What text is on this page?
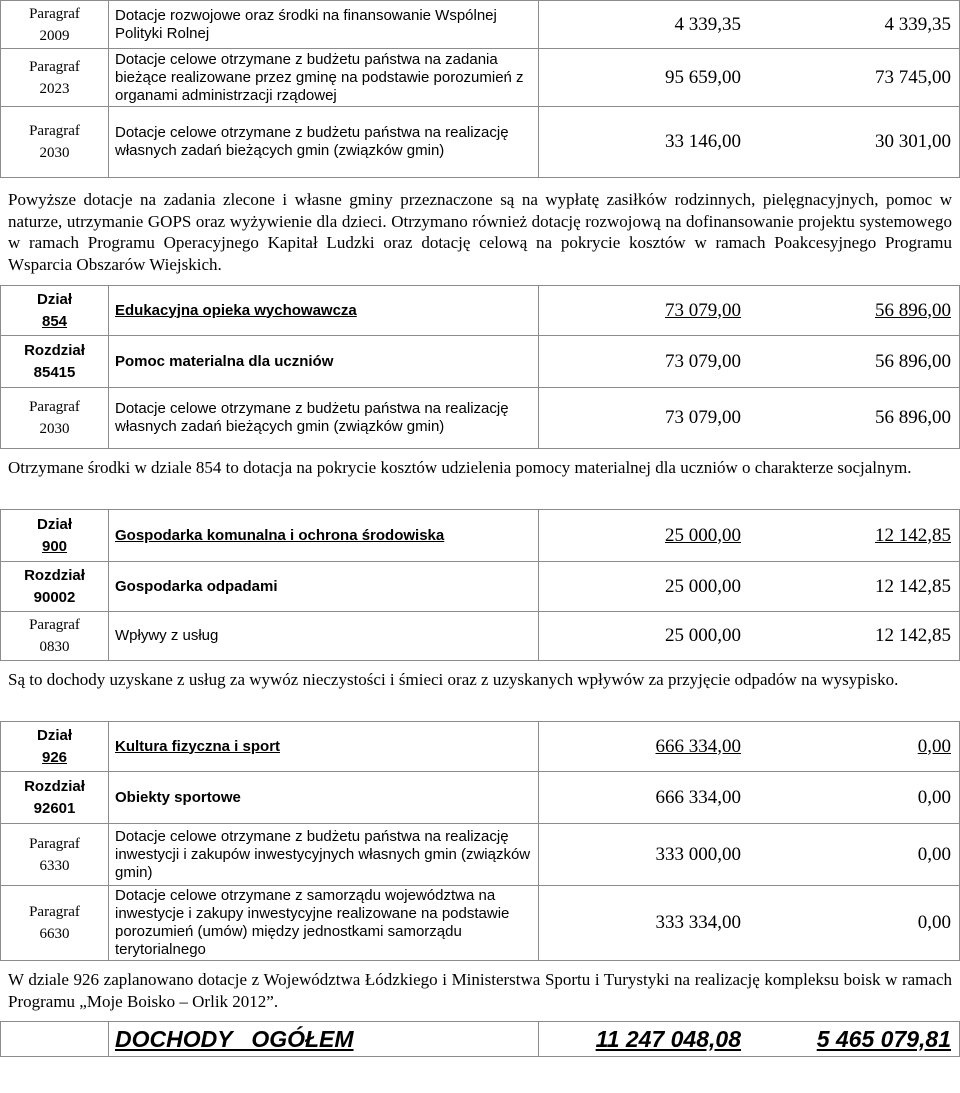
Paragraf
2009
Dotacje rozwojowe oraz środki na finansowanie Wspólnej Polityki Rolnej	4 339,35	4 339,35
Paragraf
2023
Dotacje celowe otrzymane z budżetu państwa na zadania bieżące realizowane przez gminę na podstawie porozumień z organami administrzacji rządowej
95 659,00	73 745,00
Paragraf
2030
Dotacje celowe otrzymane z budżetu państwa na realizację własnych zadań bieżących gmin (związków gmin)	33 146,00	30 301,00
Powyższe dotacje na zadania zlecone i własne gminy przeznaczone są na wypłatę zasiłków rodzinnych, pielęgnacyjnych, pomoc w naturze, utrzymanie GOPS oraz wyżywienie dla dzieci. Otrzymano również dotację rozwojową na dofinansowanie projektu systemowego w ramach Programu Operacyjnego Kapitał Ludzki oraz dotację celową na pokrycie kosztów w ramach Poakcesyjnego Programu Wsparcia Obszarów Wiejskich.
Dział
854
Edukacyjna opieka wychowawcza	73 079,00	56 896,00
Rozdział
85415
Pomoc materialna dla uczniów	73 079,00	56 896,00
Paragraf
2030
Dotacje celowe otrzymane z budżetu państwa na realizację własnych zadań bieżących gmin (związków gmin)	73 079,00	56 896,00
Otrzymane środki w dziale 854 to dotacja na pokrycie kosztów udzielenia pomocy materialnej dla uczniów o charakterze socjalnym.
Dział
900
Gospodarka komunalna i ochrona środowiska	25 000,00	12 142,85
Rozdział
90002
Gospodarka odpadami	25 000,00	12 142,85
Paragraf
0830
Wpływy z usług	25 000,00	12 142,85
Są to dochody uzyskane z usług za wywóz nieczystości i śmieci oraz z uzyskanych wpływów za przyjęcie odpadów na wysypisko.
Dział
926
Kultura fizyczna i sport	666 334,00	0,00
Rozdział
92601
Obiekty sportowe	666 334,00	0,00
Paragraf
6330
Dotacje celowe otrzymane z budżetu państwa na realizację inwestycji i zakupów inwestycyjnych własnych gmin (związków gmin)
333 000,00	0,00
Paragraf
6630
Dotacje celowe otrzymane z samorządu województwa na inwestycje i zakupy inwestycyjne realizowane na podstawie porozumień (umów) między jednostkami samorządu terytorialnego
333 334,00	0,00
W dziale 926 zaplanowano dotacje z Województwa Łódzkiego i Ministerstwa Sportu i Turystyki na realizację kompleksu boisk w ramach Programu „Moje Boisko – Orlik 2012”.
DOCHODY   OGÓŁEM	11 247 048,08	5 465 079,81
